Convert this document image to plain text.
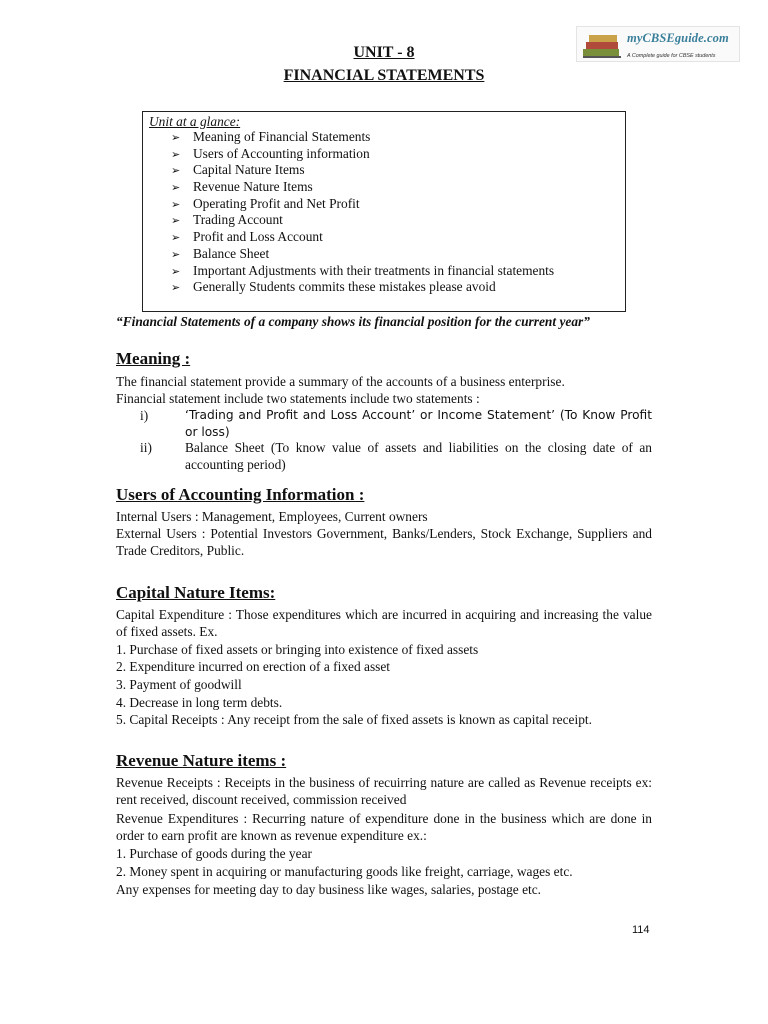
myCBSEguide.com
A Complete guide for CBSE students
UNIT - 8
FINANCIAL STATEMENTS
Unit at a glance:
➢ Meaning of Financial Statements
➢ Users of Accounting information
➢ Capital Nature Items
➢ Revenue Nature Items
➢ Operating Profit and Net Profit
➢ Trading Account
➢ Profit and Loss Account
➢ Balance Sheet
➢ Important Adjustments with their treatments in financial statements
➢ Generally Students commits these mistakes please avoid
“Financial Statements of a company shows its financial position for the current year”
Meaning :
The financial statement provide a summary of the accounts of a business enterprise.
Financial statement include two statements include two statements :
i)	‘Trading and Profit and Loss Account’ or Income Statement’ (To Know Profit or loss)
ii) Balance Sheet (To know value of assets and liabilities on the closing date of an accounting period)
Users of Accounting Information :
Internal Users : Management, Employees, Current owners
External Users : Potential Investors Government, Banks/Lenders, Stock Exchange, Suppliers and Trade Creditors, Public.
Capital Nature Items:
Capital Expenditure : Those expenditures which are incurred in acquiring and increasing the value of fixed assets. Ex.
1. Purchase of fixed assets or bringing into existence of fixed assets
2. Expenditure incurred on erection of a fixed asset
3. Payment of goodwill
4. Decrease in long term debts.
5. Capital Receipts : Any receipt from the sale of fixed assets is known as capital receipt.
Revenue Nature items :
Revenue Receipts : Receipts in the business of recuirring nature are called as Revenue receipts ex: rent received, discount received, commission received
Revenue Expenditures : Recurring nature of expenditure done in the business which are done in order to earn profit are known as revenue expenditure ex.:
1. Purchase of goods during the year
2. Money spent in acquiring or manufacturing goods like freight, carriage, wages etc.
Any expenses for meeting day to day business like wages, salaries, postage etc.
114
